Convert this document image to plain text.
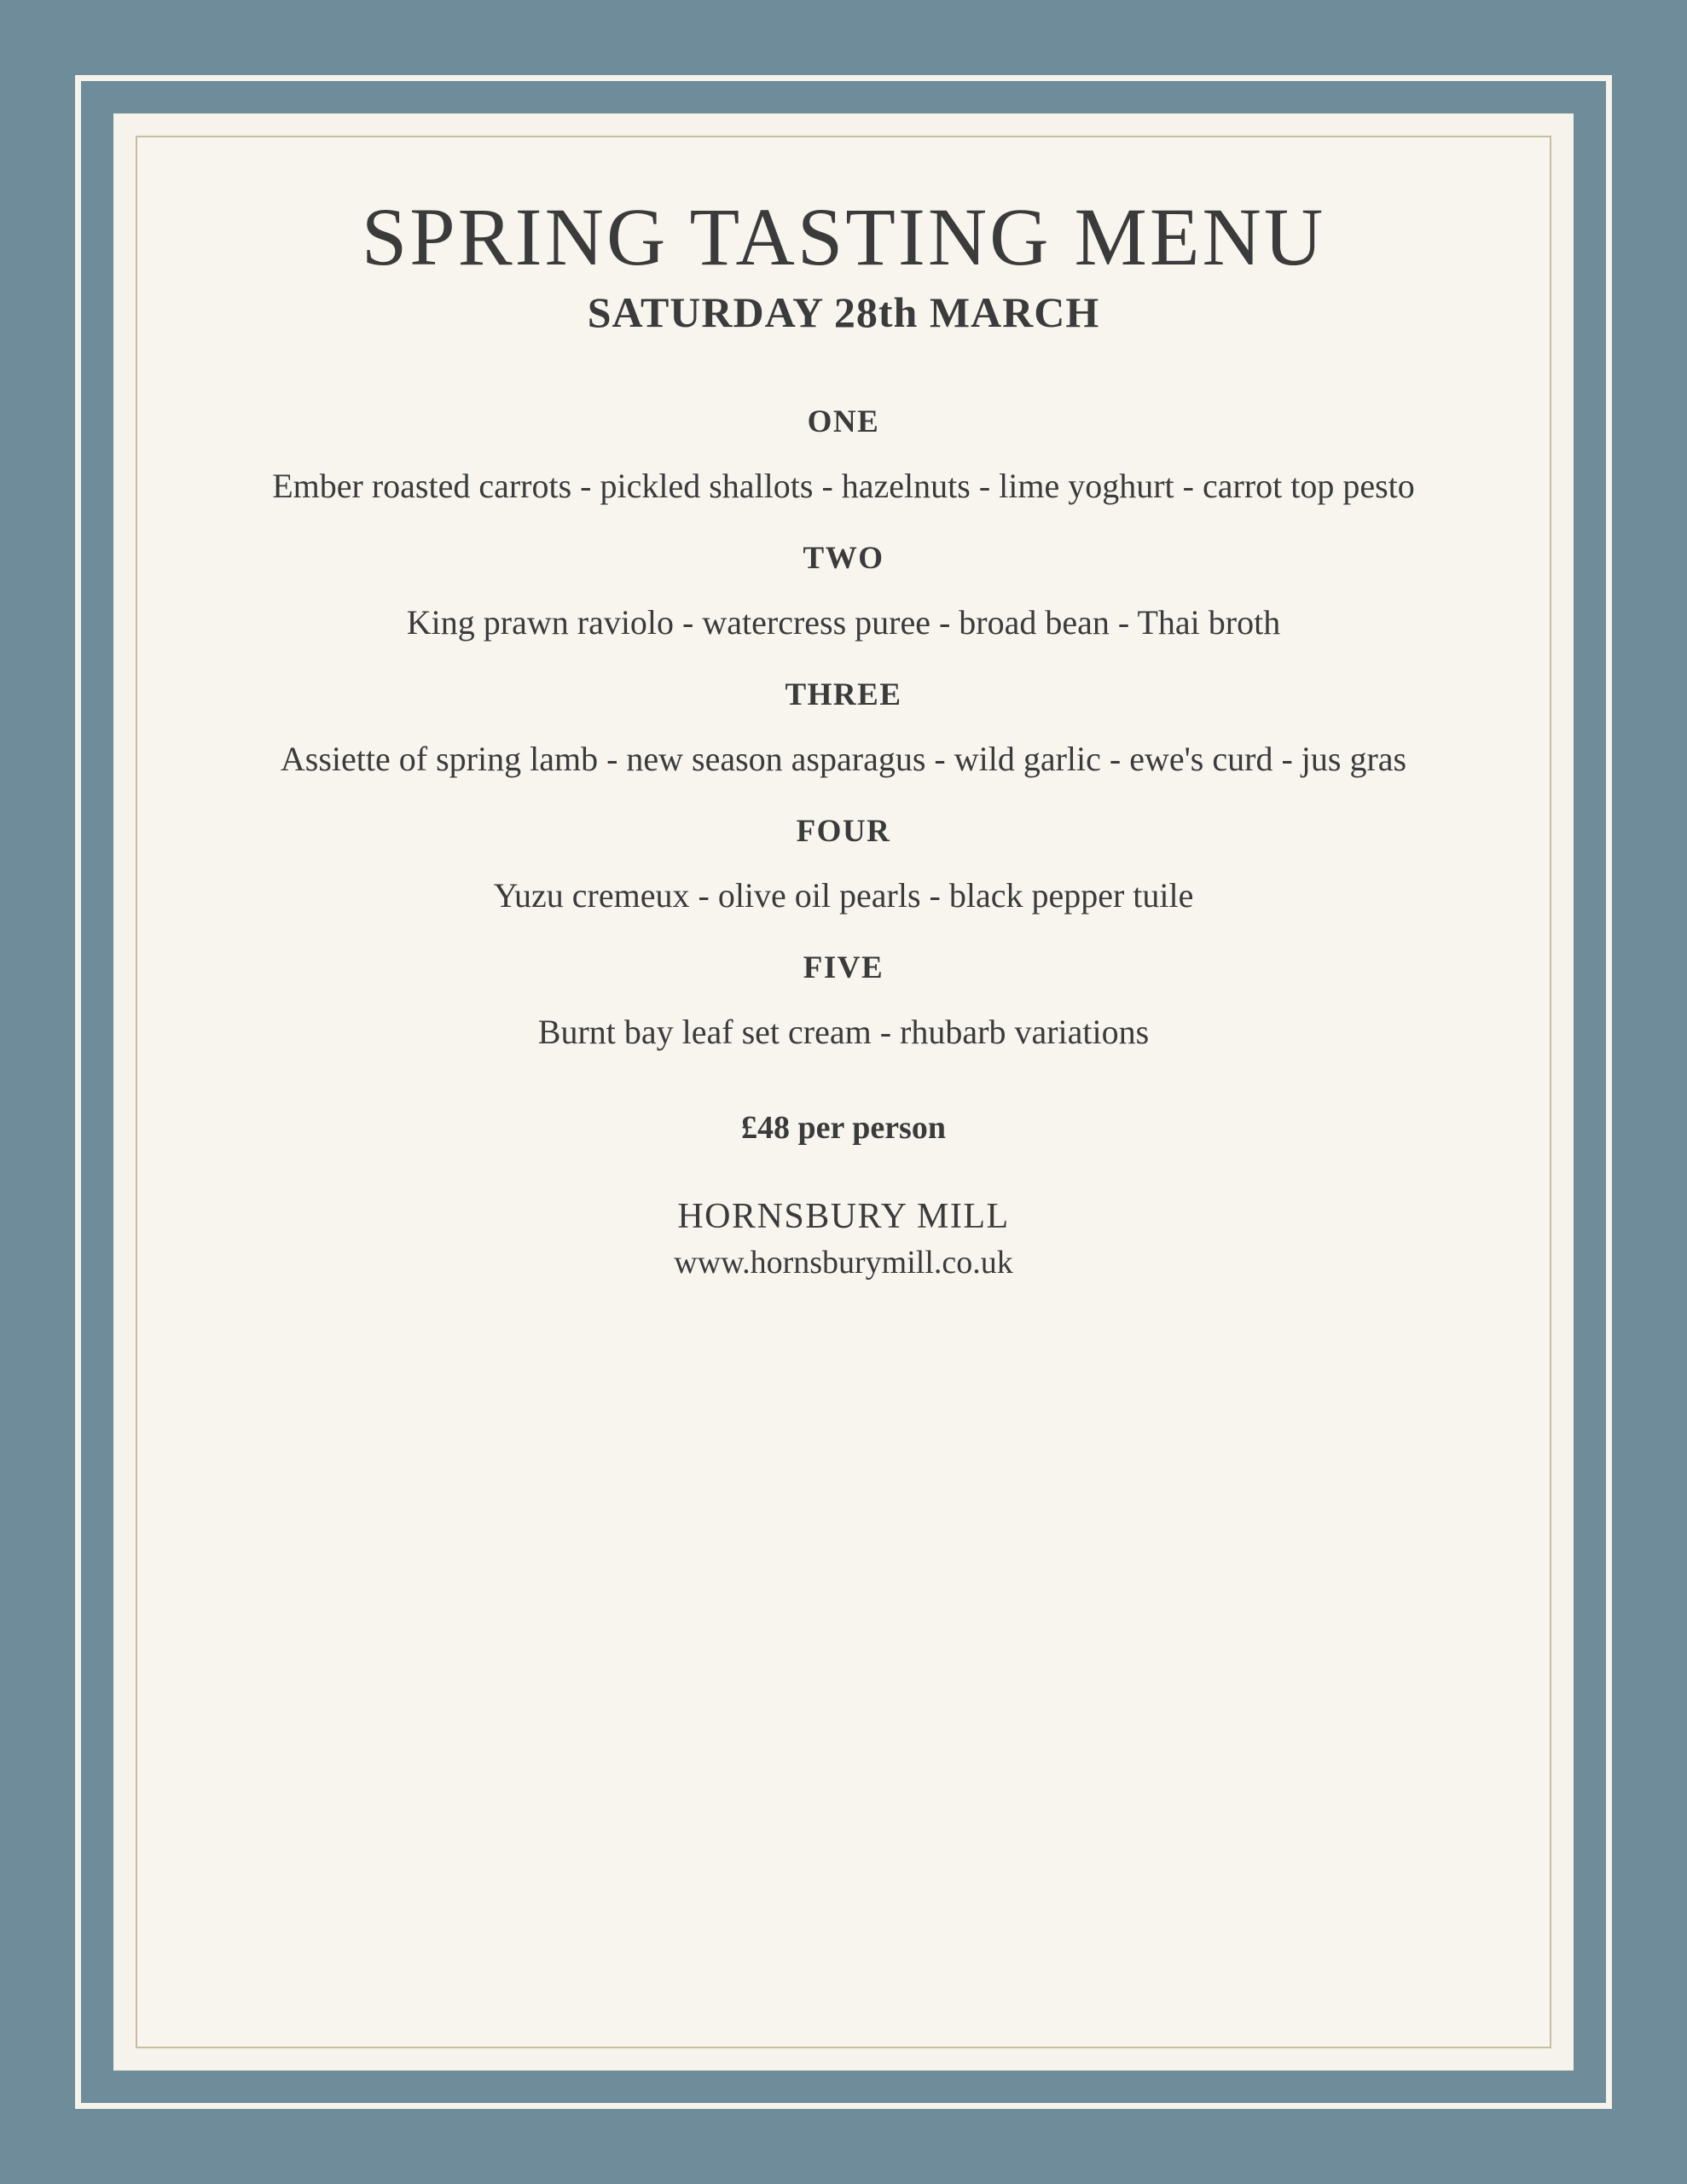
SPRING TASTING MENU
SATURDAY 28th MARCH
ONE
Ember roasted carrots - pickled shallots - hazelnuts - lime yoghurt - carrot top pesto
TWO
King prawn raviolo - watercress puree - broad bean - Thai broth
THREE
Assiette of spring lamb - new season asparagus - wild garlic - ewe's curd - jus gras
FOUR
Yuzu cremeux - olive oil pearls - black pepper tuile
FIVE
Burnt bay leaf set cream - rhubarb variations
£48 per person
HORNSBURY MILL
www.hornsburymill.co.uk
